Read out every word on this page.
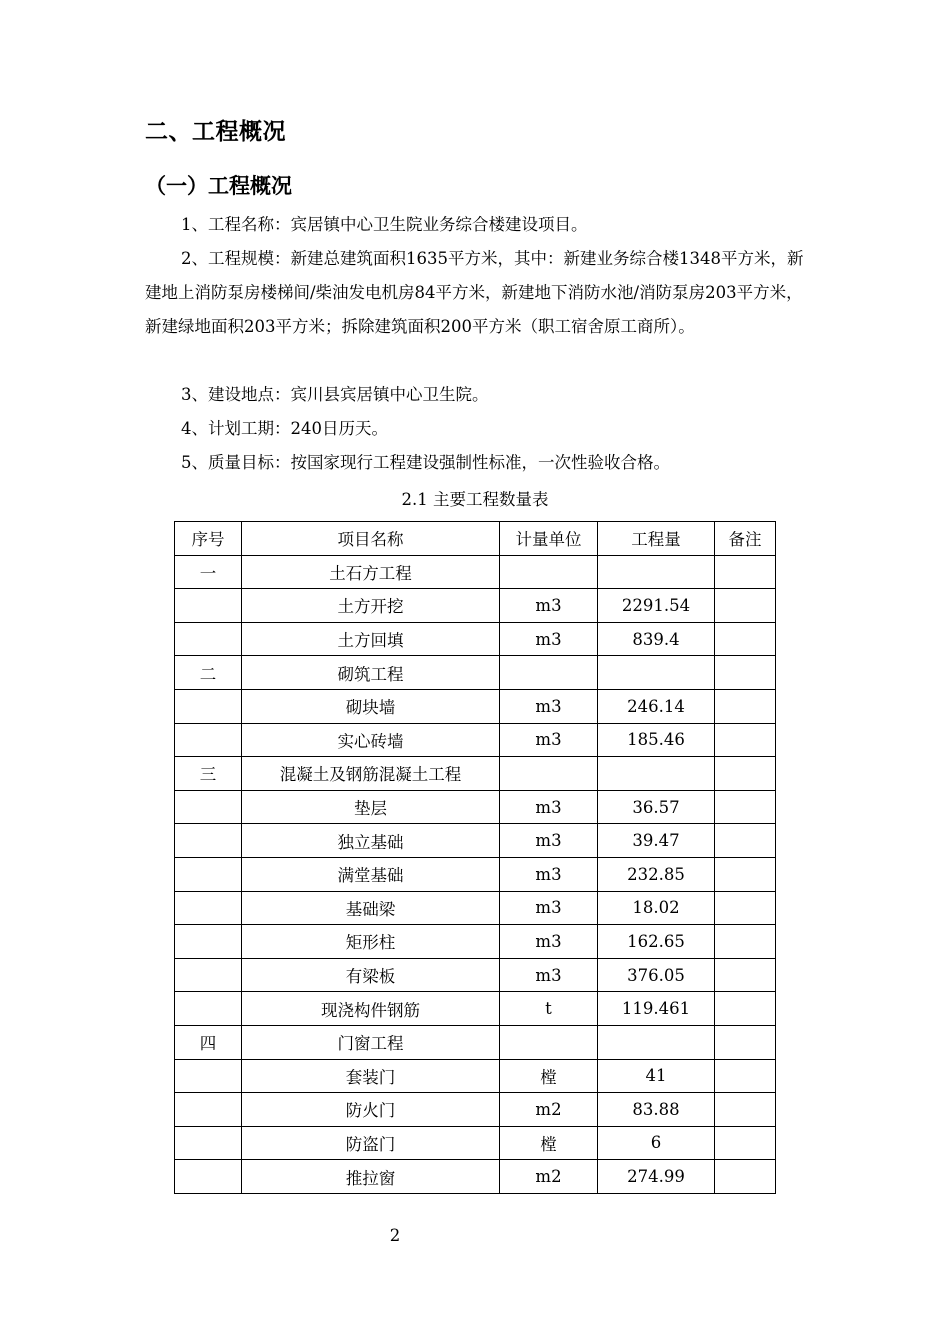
二、工程概况
（一）工程概况

1、工程名称：宾居镇中心卫生院业务综合楼建设项目。

2、工程规模：新建总建筑面积1635平方米，其中：新建业务综合楼1348平方米，新建地上消防泵房楼梯间/柴油发电机房84平方米，新建地下消防水池/消防泵房203平方米，新建绿地面积203平方米；拆除建筑面积200平方米（职工宿舍原工商所）。

3、建设地点：宾川县宾居镇中心卫生院。

4、计划工期：240日历天。

5、质量目标：按国家现行工程建设强制性标准，一次性验收合格。

2.1 主要工程数量表
序号	项目名称	计量单位	工程量	备注
一	土石方工程			
	土方开挖	m3	2291.54	
	土方回填	m3	839.4	
二	砌筑工程			
	砌块墙	m3	246.14	
	实心砖墙	m3	185.46	
三	混凝土及钢筋混凝土工程			
	垫层	m3	36.57	
	独立基础	m3	39.47	
	满堂基础	m3	232.85	
	基础梁	m3	18.02	
	矩形柱	m3	162.65	
	有梁板	m3	376.05	
	现浇构件钢筋	t	119.461	
四	门窗工程			
	套装门	樘	41	
	防火门	m2	83.88	
	防盗门	樘	6	
	推拉窗	m2	274.99	
2
